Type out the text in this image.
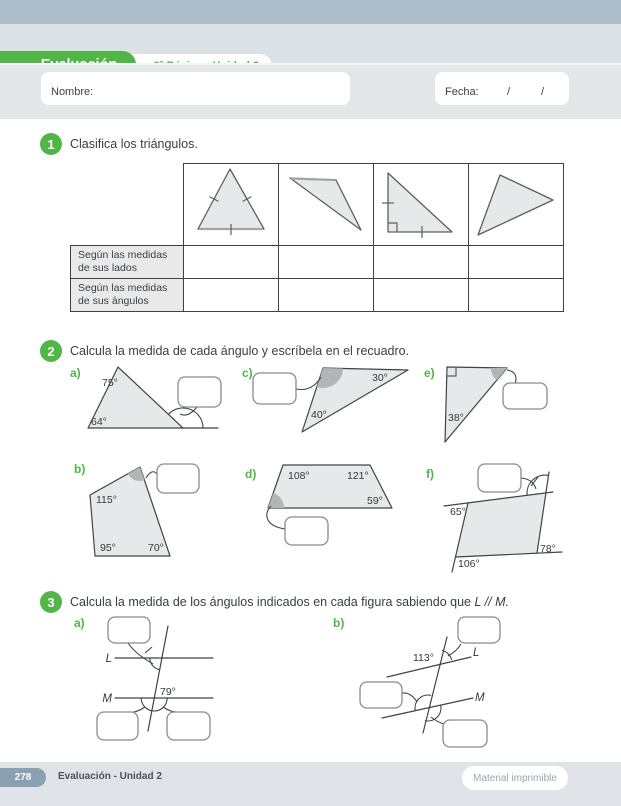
Nombre:	Fecha:	/	/
1 Clasifica los triángulos.

Según las medidas de sus lados				
Según las medidas de sus ángulos				
2 Calcula la medida de cada ángulo y escríbela en el recuadro.
a)
75°
64°
c)	30°
40°
e)
38°
b)
115°
95°	70°
d)	108°	121°
59°
f)
65°
106°
78°
3 Calcula la medida de los ángulos indicados en cada figura sabiendo que L // M.
a)
L
M
79°
b)
L
M
113°
278	Evaluación - Unidad 2	Material imprimible
